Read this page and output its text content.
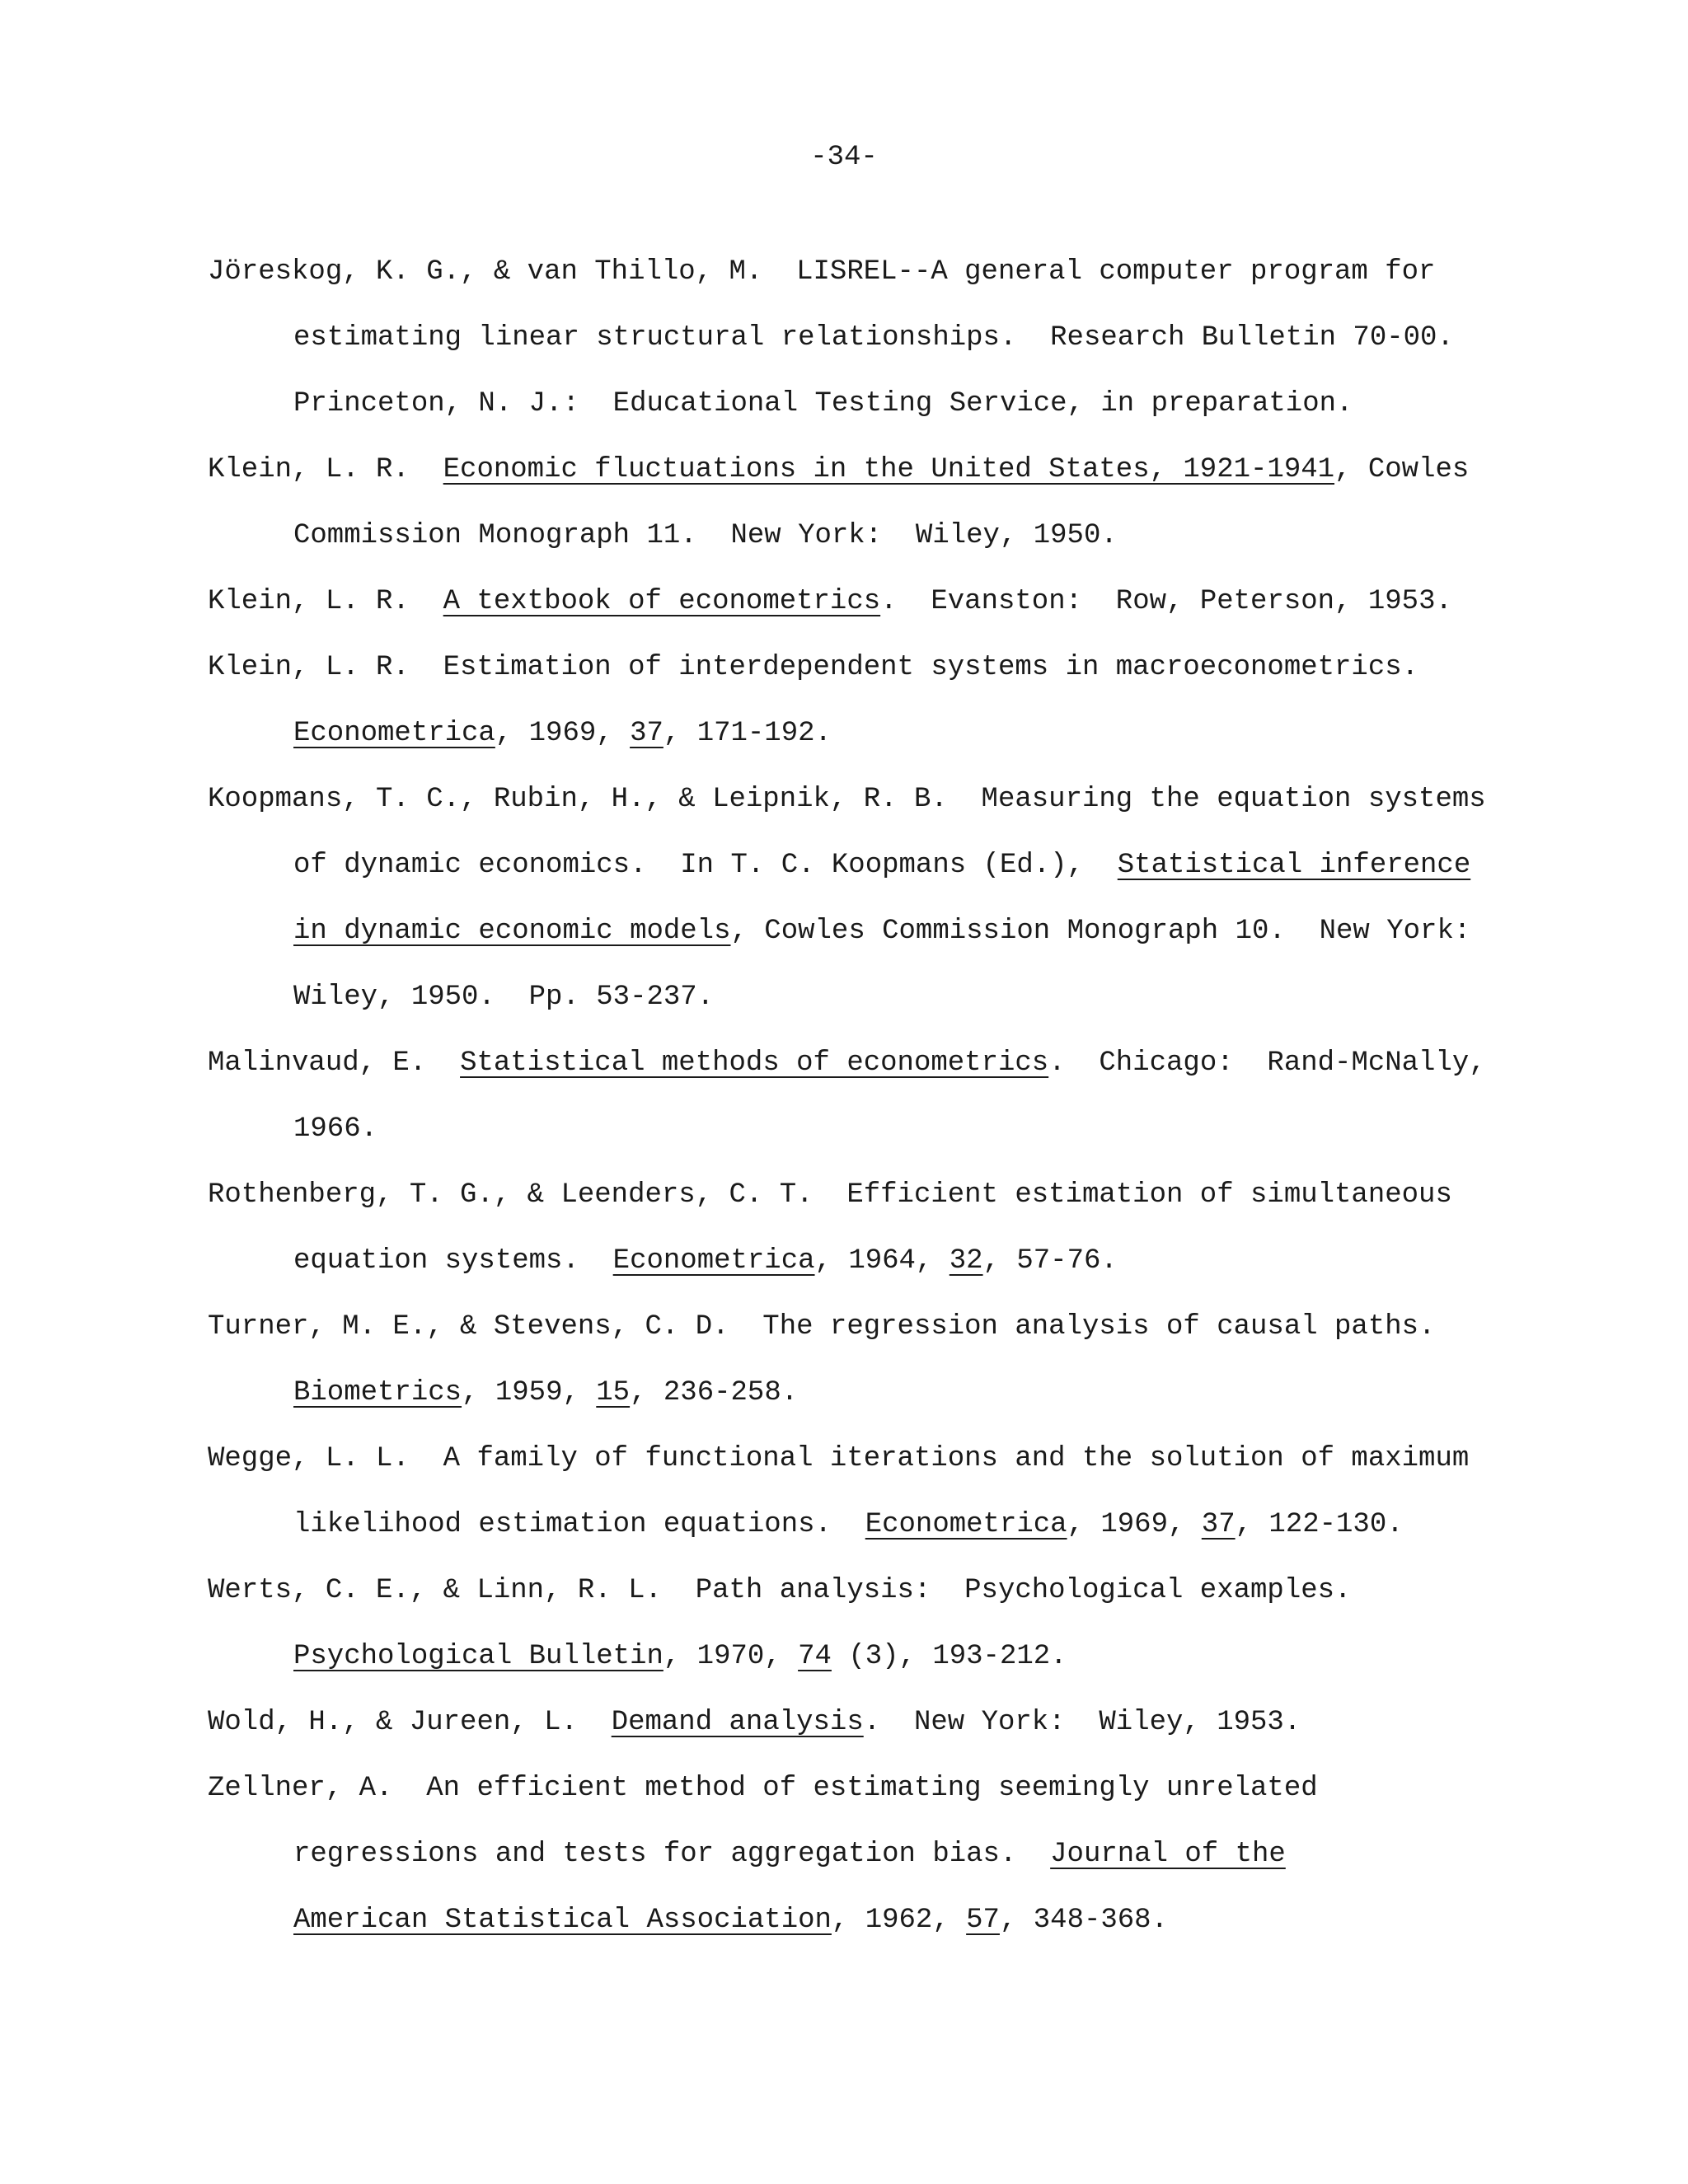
-34-
Jöreskog, K. G., & van Thillo, M.  LISREL--A general computer program for
estimating linear structural relationships.  Research Bulletin 70-00.
Princeton, N. J.:  Educational Testing Service, in preparation.
Klein, L. R.  Economic fluctuations in the United States, 1921-1941, Cowles
Commission Monograph 11.  New York:  Wiley, 1950.
Klein, L. R.  A textbook of econometrics.  Evanston:  Row, Peterson, 1953.
Klein, L. R.  Estimation of interdependent systems in macroeconometrics.
Econometrica, 1969, 37, 171-192.
Koopmans, T. C., Rubin, H., & Leipnik, R. B.  Measuring the equation systems
of dynamic economics.  In T. C. Koopmans (Ed.),  Statistical inference
in dynamic economic models, Cowles Commission Monograph 10.  New York:
Wiley, 1950.  Pp. 53-237.
Malinvaud, E.  Statistical methods of econometrics.  Chicago:  Rand-McNally,
1966.
Rothenberg, T. G., & Leenders, C. T.  Efficient estimation of simultaneous
equation systems.  Econometrica, 1964, 32, 57-76.
Turner, M. E., & Stevens, C. D.  The regression analysis of causal paths.
Biometrics, 1959, 15, 236-258.
Wegge, L. L.  A family of functional iterations and the solution of maximum
likelihood estimation equations.  Econometrica, 1969, 37, 122-130.
Werts, C. E., & Linn, R. L.  Path analysis:  Psychological examples.
Psychological Bulletin, 1970, 74 (3), 193-212.
Wold, H., & Jureen, L.  Demand analysis.  New York:  Wiley, 1953.
Zellner, A.  An efficient method of estimating seemingly unrelated
regressions and tests for aggregation bias.  Journal of the
American Statistical Association, 1962, 57, 348-368.
